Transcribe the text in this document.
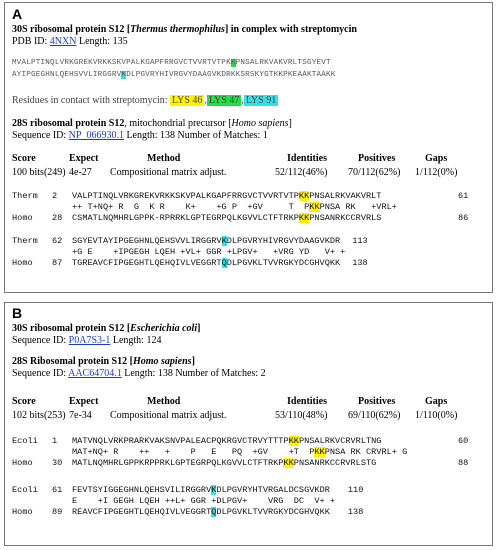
A
30S ribosomal protein S12 [Thermus thermophilus] in complex with streptomycin
PDB ID: 4NXN Length: 135
MVALPTINQLVRKGREKVRKKSKVPALKGAPFRRGVCTVVRTVTPKKPNSALRKVAKVRLTSGYEVT
AYIPGEGHNLQEHSVVLIRGGRVKDLPGVRYHIVRGVYDAAGVKDRKKSRSKYGTKKPKEAAKTAAKK
Residues in contact with streptomycin: LYS 46 , LYS 47 , LYS 91
28S ribosomal protein S12, mitochondrial precursor [Homo sapiens]
Sequence ID: NP_066930.1 Length: 138 Number of Matches: 1
Score	Expect	Method	Identities	Positives	Gaps
100 bits(249) 4e-27 Compositional matrix adjust.	52/112(46%) 70/112(62%) 1/112(0%)
Therm 2 VALPTINQLVRKGREKVRKKSKVPALKGAPFRRGVCTVVRTVTPKKPNSALRKVAKVRLT	61
++ T+NQ+ R  G  K R    K+    +G P  +GV     T  PKKPNSA RK   +VRL+
Homo 28 CSMATLNQMHRLGPPK-RPRRKLGPTEGRPQLKGVVLCTFTRKPKKPNSANRKCCRVRLS	86
Therm 62 SGYEVTAYIPGEGHNLQEHSVVLIRGGRVKDLPGVRYHIVRGVYDAAGVKDR 113
+G E    +IPGEGH LQEH +VL+ GGR +LPGV+   +VRG YD   V+ +
Homo 87 TGREAVCFIPGEGHTLQEHQIVLVEGGRTQDLPGVKLTVVRGKYDCGHVQKK 138
B
30S ribosomal protein S12 [Escherichia coli]
Sequence ID: P0A7S3-1 Length: 124
28S Ribosomal protein S12 [Homo sapiens]
Sequence ID: AAC64704.1 Length: 138 Number of Matches: 2
Score	Expect	Method	Identities	Positives	Gaps
102 bits(253) 7e-34 Compositional matrix adjust.	53/110(48%) 69/110(62%) 1/110(0%)
Ecoli 1 MATVNQLVRKPRARKVAKSNVPALEACPQKRGVCTRVYTTTPKKPNSALRKVCRVRLTNG	60
MAT+NQ+ R    ++   +    P   E   PQ  +GV    +T  PKKPNSA RK CRVRL+ G
Homo 30 MATLNQMHRLGPPKRPPRKLGPTEGRPQLKGVVLCTFTRKPKKPNSANRKCCRVRLSTG	88
Ecoli 61 FEVTSYIGGEGHNLQEHSVILIRGGRVKDLPGVRYHTVRGALDCSGVKDR 110
E    +I GEGH LQEH ++L+ GGR +DLPGV+    VRG  DC  V+ +
Homo 89 REAVCFIPGEGHTLQEHQIVLVEGGRTQDLPGVKLTVVRGKYDCGHVQKK 138
